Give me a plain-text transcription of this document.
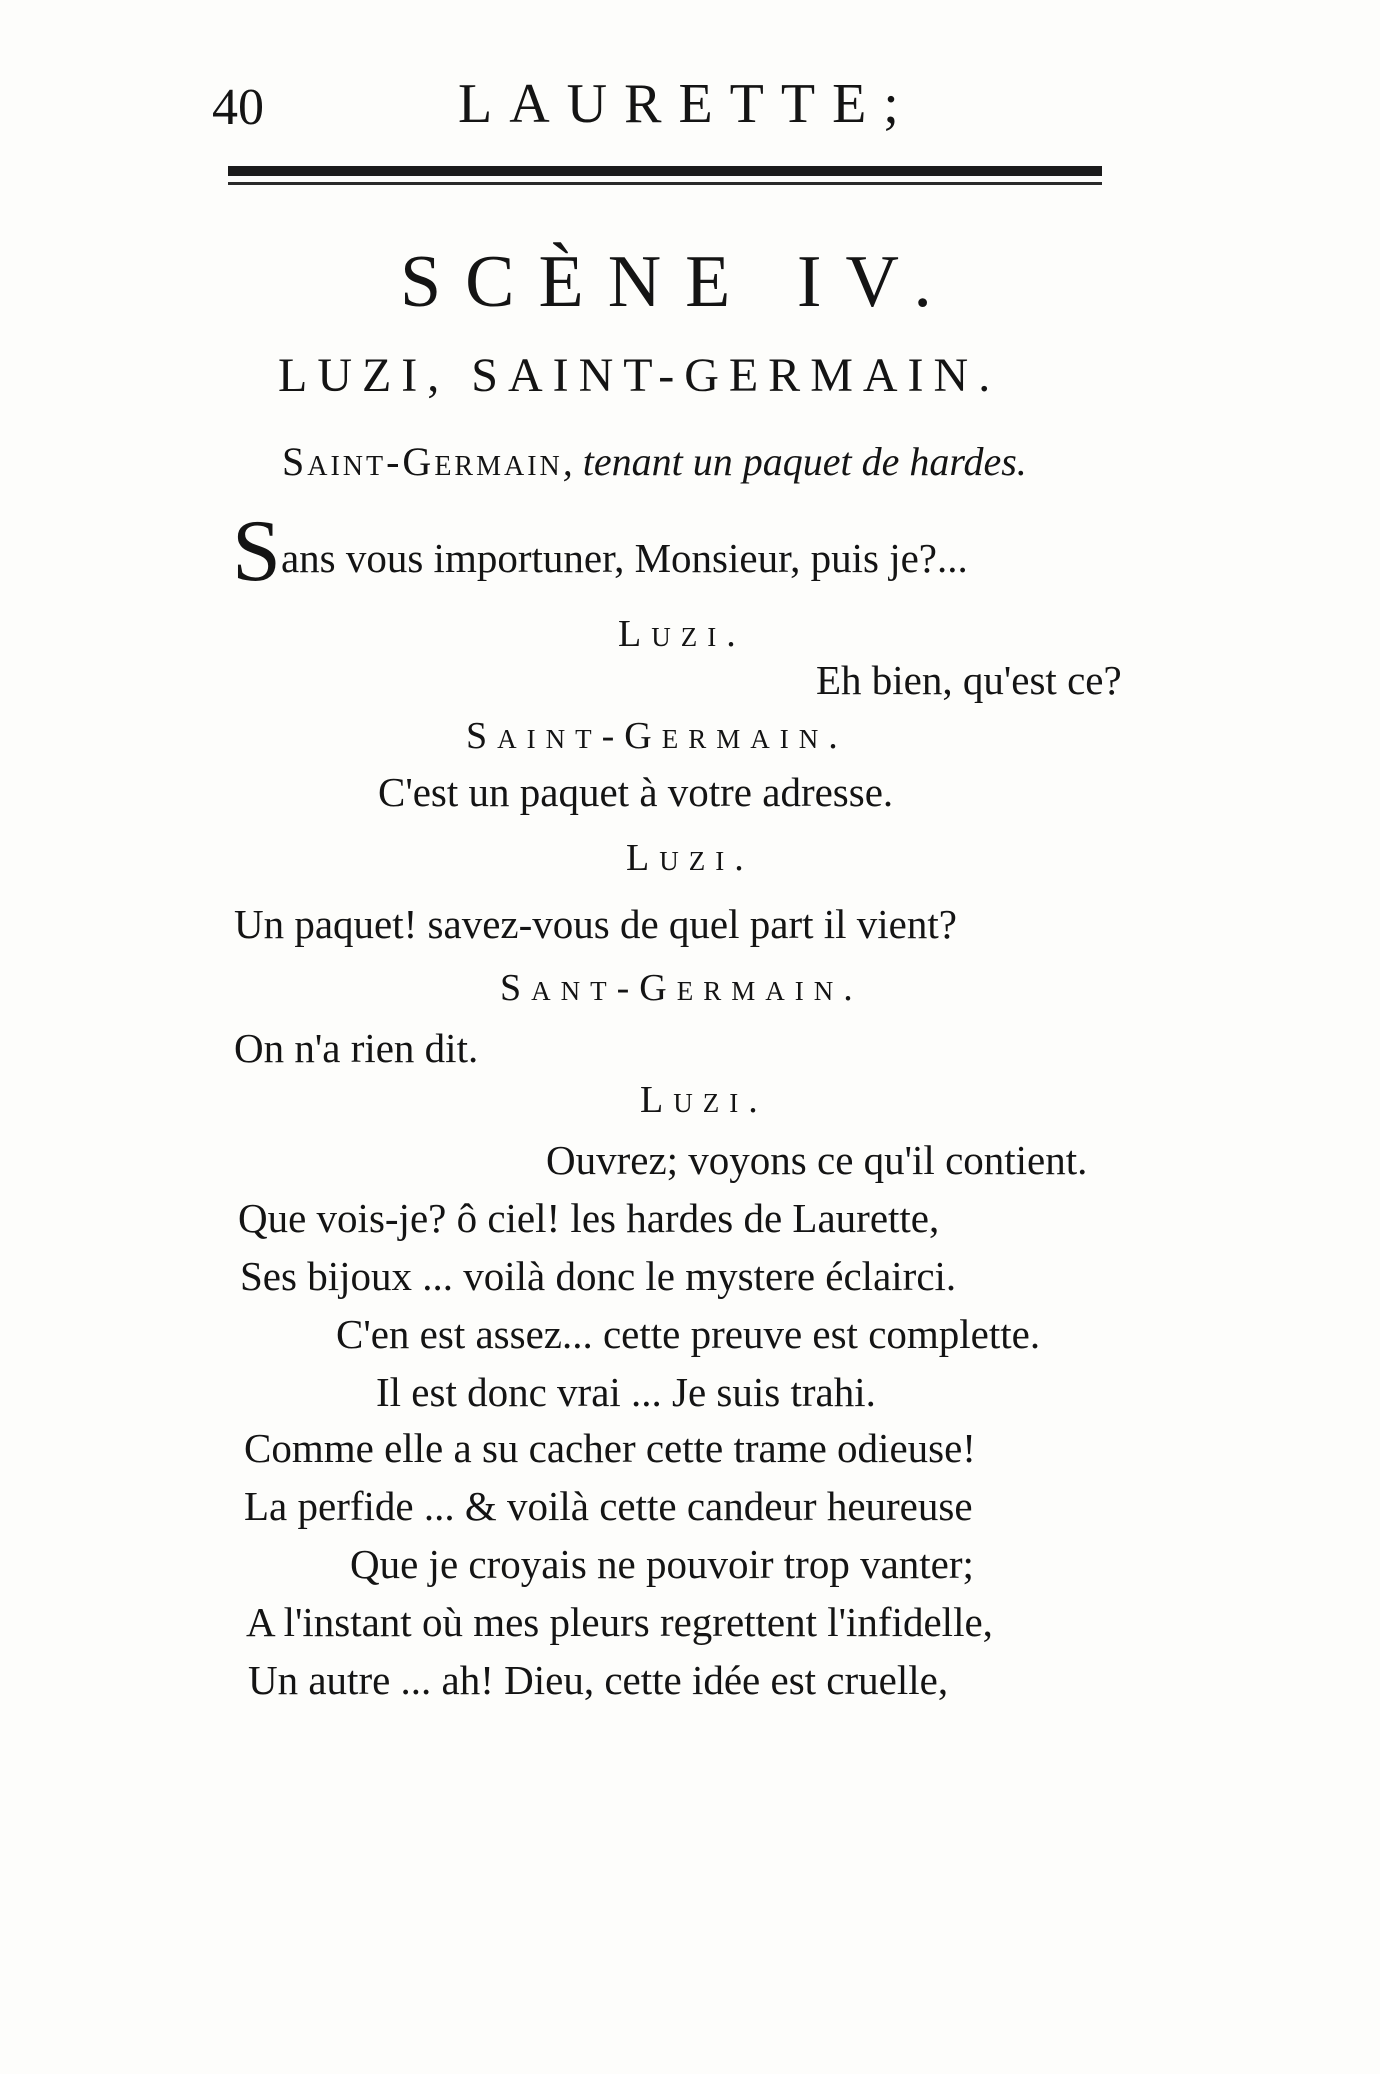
40	LAURETTE;
SCÈNE IV.
LUZI, SAINT-GERMAIN.
Saint-Germain, tenant un paquet de hardes.
Sans vous importuner, Monsieur, puis je?...
Luzi.
Eh bien, qu'est ce?
Saint-Germain.
C'est un paquet à votre adresse.
Luzi.
Un paquet! savez-vous de quel part il vient?
Sant-Germain.
On n'a rien dit.
Luzi.
Ouvrez; voyons ce qu'il contient.
Que vois-je? ô ciel! les hardes de Laurette,
Ses bijoux ... voilà donc le mystere éclairci.
C'en est assez... cette preuve est complette.
Il est donc vrai ... Je suis trahi.
Comme elle a su cacher cette trame odieuse!
La perfide ... & voilà cette candeur heureuse
Que je croyais ne pouvoir trop vanter;
A l'instant où mes pleurs regrettent l'infidelle,
Un autre ... ah! Dieu, cette idée est cruelle,
